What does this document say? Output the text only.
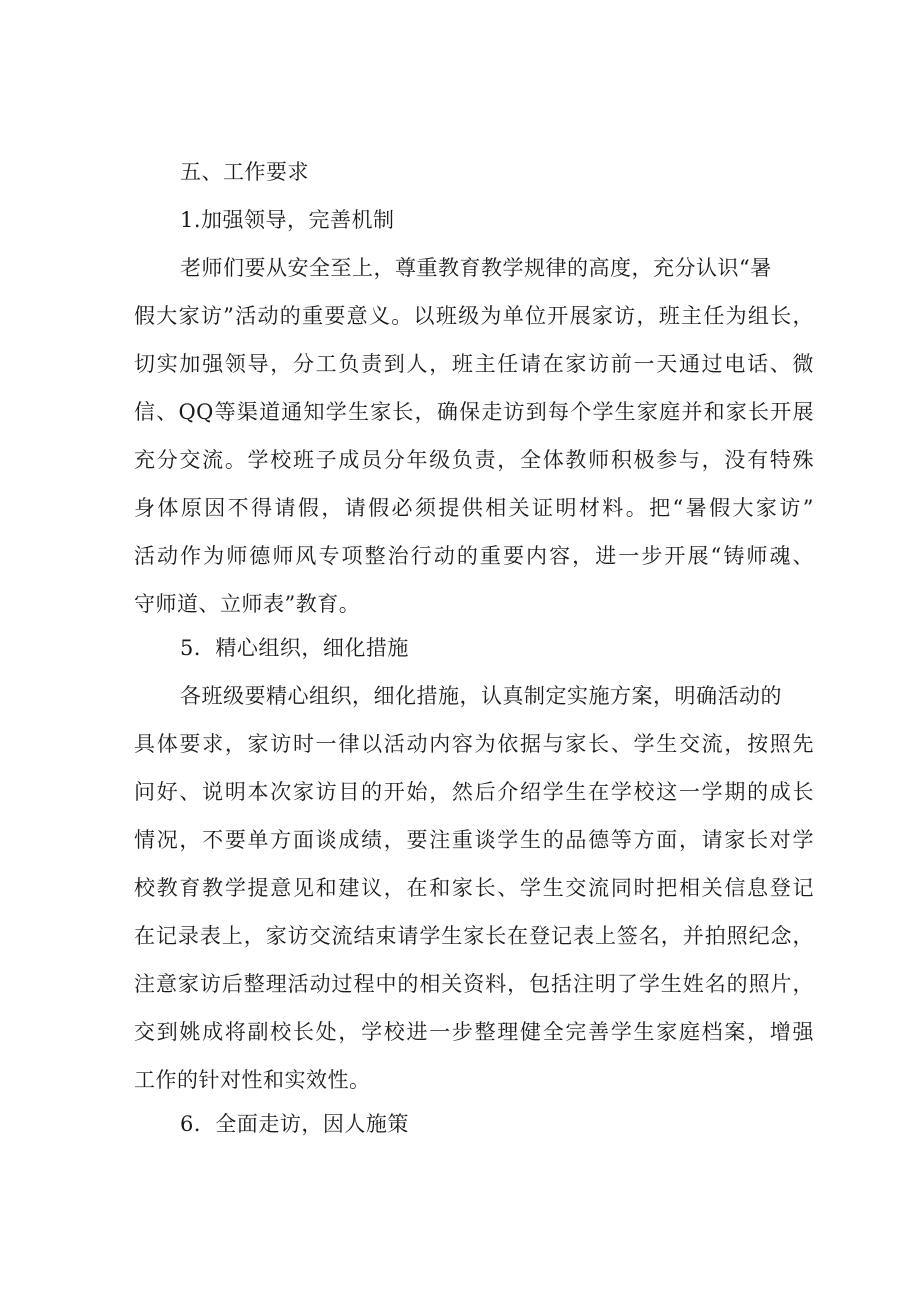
五、工作要求
1.加强领导，完善机制
老师们要从安全至上，尊重教育教学规律的高度，充分认识“暑
假大家访”活动的重要意义。以班级为单位开展家访，班主任为组长，
切实加强领导，分工负责到人，班主任请在家访前一天通过电话、微
信、QQ等渠道通知学生家长，确保走访到每个学生家庭并和家长开展
充分交流。学校班子成员分年级负责，全体教师积极参与，没有特殊
身体原因不得请假，请假必须提供相关证明材料。把“暑假大家访”
活动作为师德师风专项整治行动的重要内容，进一步开展“铸师魂、
守师道、立师表”教育。
5．精心组织，细化措施
各班级要精心组织，细化措施，认真制定实施方案，明确活动的
具体要求，家访时一律以活动内容为依据与家长、学生交流，按照先
问好、说明本次家访目的开始，然后介绍学生在学校这一学期的成长
情况，不要单方面谈成绩，要注重谈学生的品德等方面，请家长对学
校教育教学提意见和建议，在和家长、学生交流同时把相关信息登记
在记录表上，家访交流结束请学生家长在登记表上签名，并拍照纪念，
注意家访后整理活动过程中的相关资料，包括注明了学生姓名的照片，
交到姚成将副校长处，学校进一步整理健全完善学生家庭档案，增强
工作的针对性和实效性。
6．全面走访，因人施策
